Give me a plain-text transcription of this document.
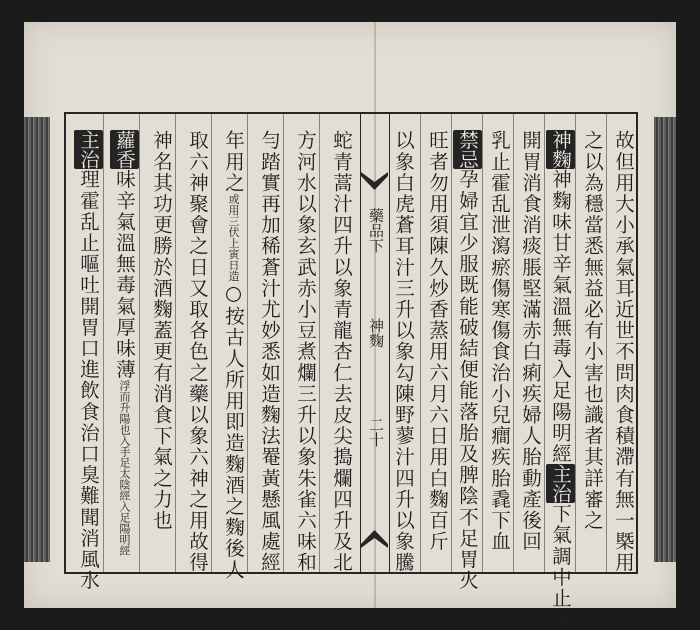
蛇青蒿汁四升以象青龍杏仁去皮尖搗爛四升及北
方河水以象玄武赤小豆煮爛三升以象朱雀六味和
勻踏實再加稀蒼汁尤妙悉如造麴法罨黃懸風處經
年用之或用三伏上寅日造○按古人所用即造麴酒之麴後人
取六神聚會之日又取各色之藥以象六神之用故得
神名其功更勝於酒麴蓋更有消食下氣之力也
蘿香味辛氣溫無毒氣厚味薄浮而升陽也入手足太陰經入足陽明經
主治理霍乱止嘔吐開胃口進飲食治口臭難聞消風水	藥品下
神麴
二十	故但用大小承氣耳近世不問肉食積滯有無一槩用
之以為穩當悉無益必有小害也識者其詳審之
神麴神麴味甘辛氣溫無毒入足陽明經主治下氣調中止瀉
開胃消食消痰脹堅滿赤白痢疾婦人胎動產後回
乳止霍乱泄瀉瘀傷寒傷食治小兒癎疾胎毳下血
禁忌孕婦宜少服既能破結便能落胎及脾陰不足胃火
旺者勿用須陳久炒香蒸用六月六日用白麴百斤
以象白虎蒼耳汁三升以象勾陳野蓼汁四升以象騰
